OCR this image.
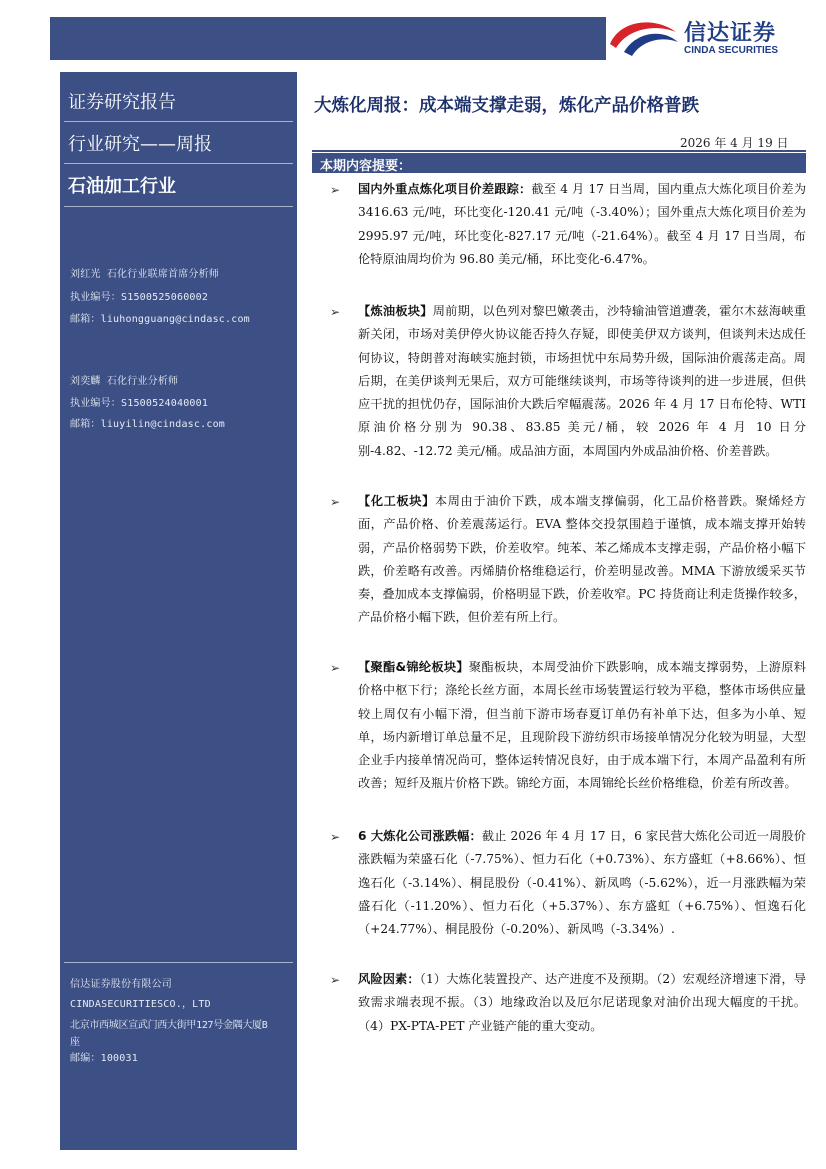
信达证券
CINDA SECURITIES
证券研究报告
行业研究——周报
石油加工行业
刘红光 石化行业联席首席分析师
执业编号：S1500525060002
邮箱：liuhongguang@cindasc.com
刘奕麟 石化行业分析师
执业编号：S1500524040001
邮箱：liuyilin@cindasc.com
信达证券股份有限公司
CINDASECURITIESCO.，LTD
北京市西城区宣武门西大街甲127号金隅大厦B
座
邮编：100031
大炼化周报：成本端支撑走弱，炼化产品价格普跌
2026 年 4 月 19 日
本期内容提要：
➢	国内外重点炼化项目价差跟踪：截至 4 月 17 日当周，国内重点大炼化项目价差为 3416.63 元/吨，环比变化-120.41 元/吨（-3.40%）；国外重点大炼化项目价差为 2995.97 元/吨，环比变化-827.17 元/吨（-21.64%）。截至 4 月 17 日当周，布伦特原油周均价为 96.80 美元/桶，环比变化-6.47%。
➢	【炼油板块】周前期，以色列对黎巴嫩袭击，沙特输油管道遭袭，霍尔木兹海峡重新关闭，市场对美伊停火协议能否持久存疑，即使美伊双方谈判，但谈判未达成任何协议，特朗普对海峡实施封锁，市场担忧中东局势升级，国际油价震荡走高。周后期，在美伊谈判无果后，双方可能继续谈判，市场等待谈判的进一步进展，但供应干扰的担忧仍存，国际油价大跌后窄幅震荡。2026 年 4 月 17 日布伦特、WTI 原油价格分别为 90.38、83.85 美元/桶，较 2026 年 4 月 10 日分别-4.82、-12.72 美元/桶。成品油方面，本周国内外成品油价格、价差普跌。
➢	【化工板块】本周由于油价下跌，成本端支撑偏弱，化工品价格普跌。聚烯烃方面，产品价格、价差震荡运行。EVA 整体交投氛围趋于谨慎，成本端支撑开始转弱，产品价格弱势下跌，价差收窄。纯苯、苯乙烯成本支撑走弱，产品价格小幅下跌，价差略有改善。丙烯腈价格维稳运行，价差明显改善。MMA 下游放缓采买节奏，叠加成本支撑偏弱，价格明显下跌，价差收窄。PC 持货商让利走货操作较多，产品价格小幅下跌，但价差有所上行。
➢	【聚酯&锦纶板块】聚酯板块，本周受油价下跌影响，成本端支撑弱势，上游原料价格中枢下行；涤纶长丝方面，本周长丝市场装置运行较为平稳，整体市场供应量较上周仅有小幅下滑，但当前下游市场春夏订单仍有补单下达，但多为小单、短单，场内新增订单总量不足，且现阶段下游纺织市场接单情况分化较为明显，大型企业手内接单情况尚可，整体运转情况良好，由于成本端下行，本周产品盈利有所改善；短纤及瓶片价格下跌。锦纶方面，本周锦纶长丝价格维稳，价差有所改善。
➢	6 大炼化公司涨跌幅：截止 2026 年 4 月 17 日，6 家民营大炼化公司近一周股价涨跌幅为荣盛石化（-7.75%）、恒力石化（+0.73%）、东方盛虹（+8.66%）、恒逸石化（-3.14%）、桐昆股份（-0.41%）、新凤鸣（-5.62%），近一月涨跌幅为荣盛石化（-11.20%）、恒力石化（+5.37%）、东方盛虹（+6.75%）、恒逸石化（+24.77%）、桐昆股份（-0.20%）、新凤鸣（-3.34%）.
➢	风险因素：（1）大炼化装置投产、达产进度不及预期。（2）宏观经济增速下滑，导致需求端表现不振。（3）地缘政治以及厄尔尼诺现象对油价出现大幅度的干扰。（4）PX-PTA-PET 产业链产能的重大变动。
